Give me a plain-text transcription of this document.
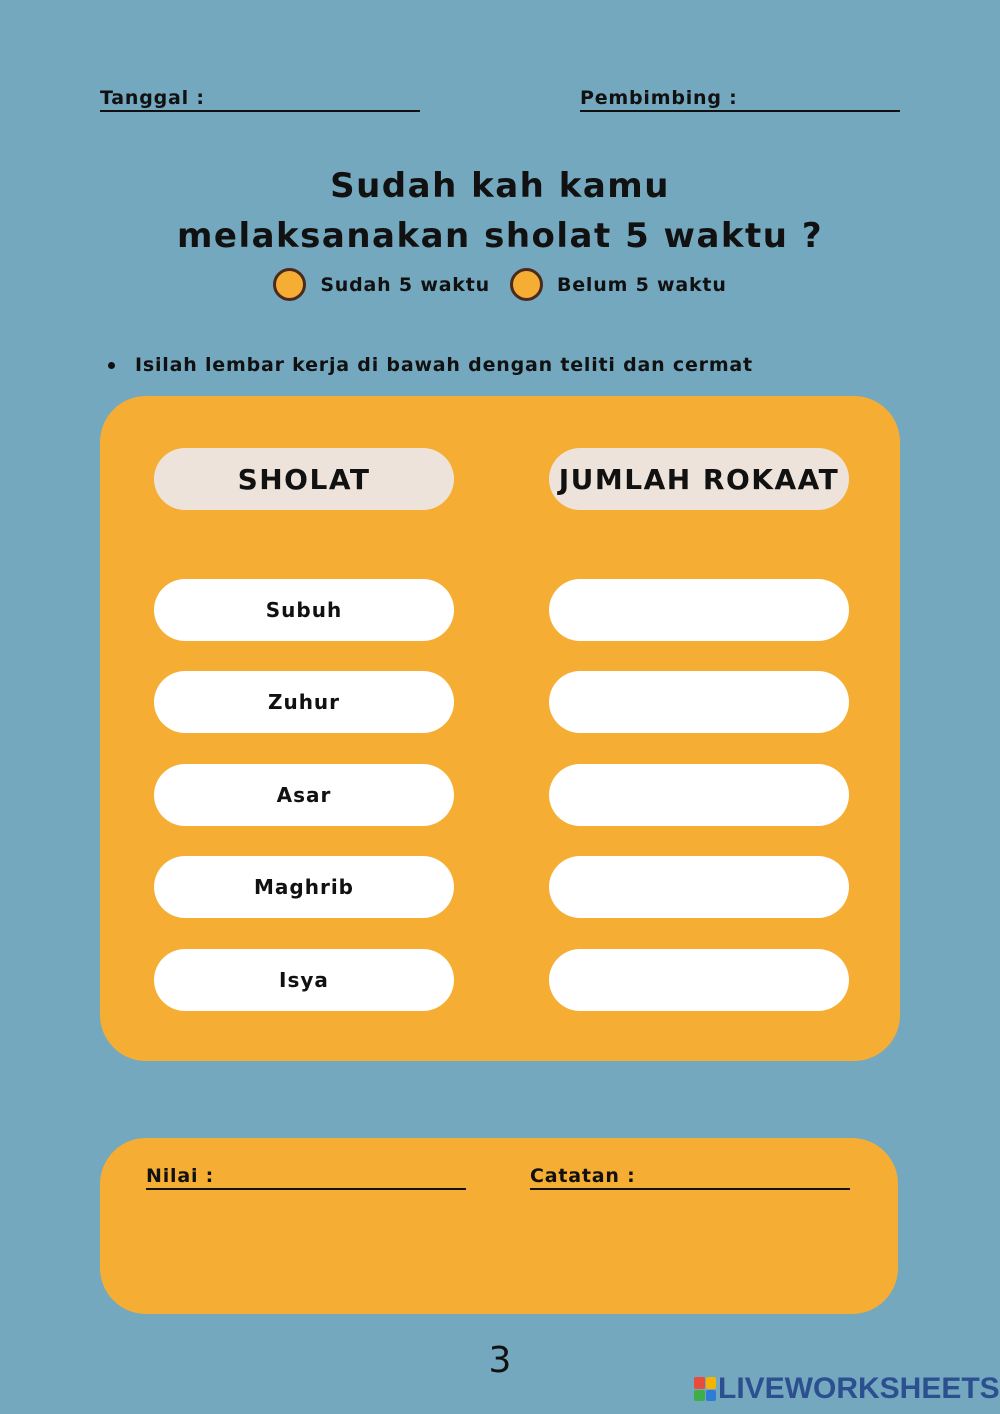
Tanggal :	Pembimbing :
Sudah kah kamu
melaksanakan sholat 5 waktu ?
Sudah 5 waktu	Belum 5 waktu
Isilah lembar kerja di bawah dengan teliti dan cermat
SHOLAT	JUMLAH ROKAAT
Subuh
Zuhur
Asar
Maghrib
Isya
Nilai :	Catatan :
3
LIVEWORKSHEETS
